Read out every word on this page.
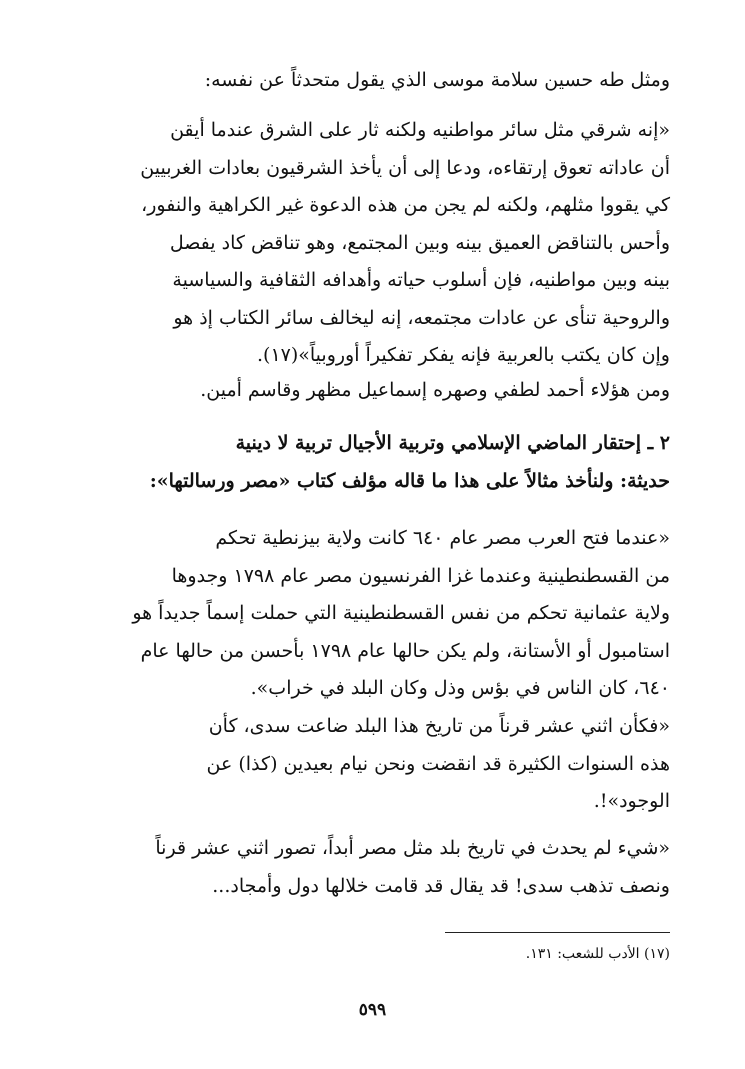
ومثل طه حسين سلامة موسى الذي يقول متحدثاً عن نفسه:

«إنه شرقي مثل سائر مواطنيه ولكنه ثار على الشرق عندما أيقن

أن عاداته تعوق إرتقاءه، ودعا إلى أن يأخذ الشرقيون بعادات الغربيين

كي يقووا مثلهم، ولكنه لم يجن من هذه الدعوة غير الكراهية والنفور،

وأحس بالتناقض العميق بينه وبين المجتمع، وهو تناقض كاد يفصل

بينه وبين مواطنيه، فإن أسلوب حياته وأهدافه الثقافية والسياسية

والروحية تنأى عن عادات مجتمعه، إنه ليخالف سائر الكتاب إذ هو

وإن كان يكتب بالعربية فإنه يفكر تفكيراً أوروبياً»(١٧).

ومن هؤلاء أحمد لطفي وصهره إسماعيل مظهر وقاسم أمين.

٢ ـ إحتقار الماضي الإسلامي وتربية الأجيال تربية لا دينية

حديثة: ولنأخذ مثالاً على هذا ما قاله مؤلف كتاب «مصر ورسالتها»:

«عندما فتح العرب مصر عام ٦٤٠ كانت ولاية بيزنطية تحكم

من القسطنطينية وعندما غزا الفرنسيون مصر عام ١٧٩٨ وجدوها

ولاية عثمانية تحكم من نفس القسطنطينية التي حملت إسماً جديداً هو

استامبول أو الأستانة، ولم يكن حالها عام ١٧٩٨ بأحسن من حالها عام

٦٤٠، كان الناس في بؤس وذل وكان البلد في خراب».

«فكأن اثني عشر قرناً من تاريخ هذا البلد ضاعت سدى، كأن

هذه السنوات الكثيرة قد انقضت ونحن نيام بعيدين (كذا) عن

الوجود»!.

«شيء لم يحدث في تاريخ بلد مثل مصر أبداً، تصور اثني عشر قرناً

ونصف تذهب سدى! قد يقال قد قامت خلالها دول وأمجاد...

(١٧) الأدب للشعب: ١٣١.
٥٩٩
